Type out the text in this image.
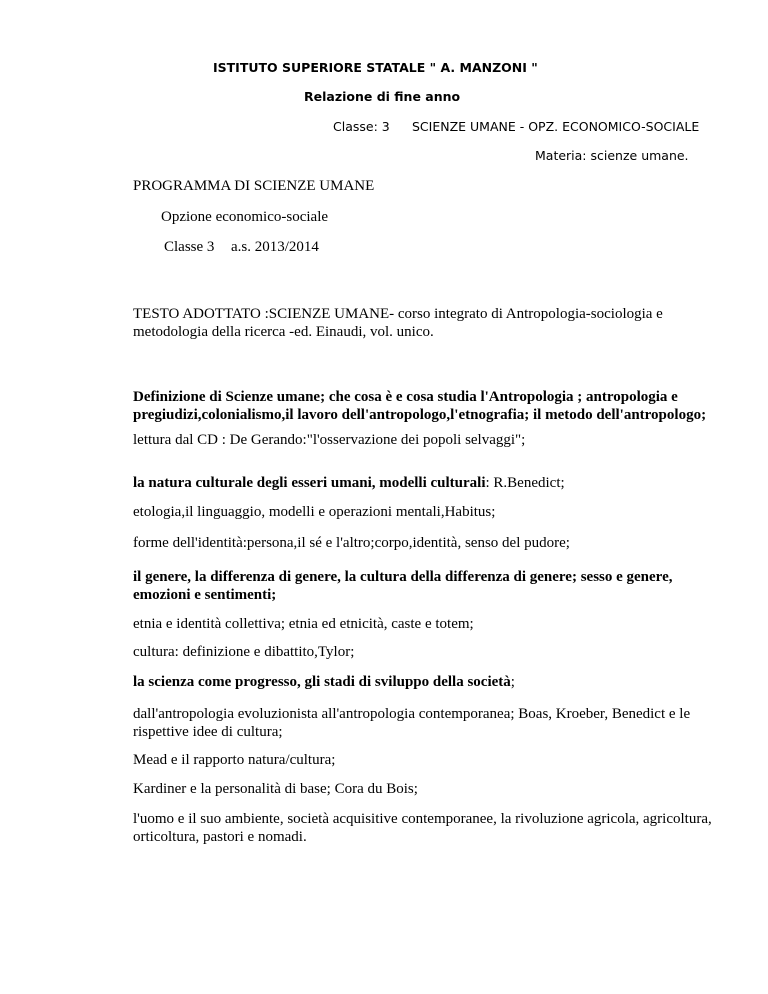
ISTITUTO SUPERIORE STATALE " A. MANZONI "
Relazione di fine anno
Classe: 3 SCIENZE UMANE - OPZ. ECONOMICO-SOCIALE
Materia: scienze umane.
PROGRAMMA DI SCIENZE UMANE
Opzione economico-sociale
Classe 3 a.s. 2013/2014

TESTO ADOTTATO :SCIENZE UMANE- corso integrato di Antropologia-sociologia e metodologia della ricerca -ed. Einaudi, vol. unico.

Definizione di Scienze umane; che cosa è e cosa studia l'Antropologia ; antropologia e pregiudizi,colonialismo,il lavoro dell'antropologo,l'etnografia; il metodo dell'antropologo;

lettura dal CD : De Gerando:"l'osservazione dei popoli selvaggi";

la natura culturale degli esseri umani, modelli culturali: R.Benedict;

etologia,il linguaggio, modelli e operazioni mentali,Habitus;

forme dell'identità:persona,il sé e l'altro;corpo,identità, senso del pudore;

il genere, la differenza di genere, la cultura della differenza di genere; sesso e genere, emozioni e sentimenti;

etnia e identità collettiva; etnia ed etnicità, caste e totem;

cultura: definizione e dibattito,Tylor;

la scienza come progresso, gli stadi di sviluppo della società;

dall'antropologia evoluzionista all'antropologia contemporanea; Boas, Kroeber, Benedict e le rispettive idee di cultura;

Mead e il rapporto natura/cultura;

Kardiner e la personalità di base; Cora du Bois;

l'uomo e il suo ambiente, società acquisitive contemporanee, la rivoluzione agricola, agricoltura, orticoltura, pastori e nomadi.
